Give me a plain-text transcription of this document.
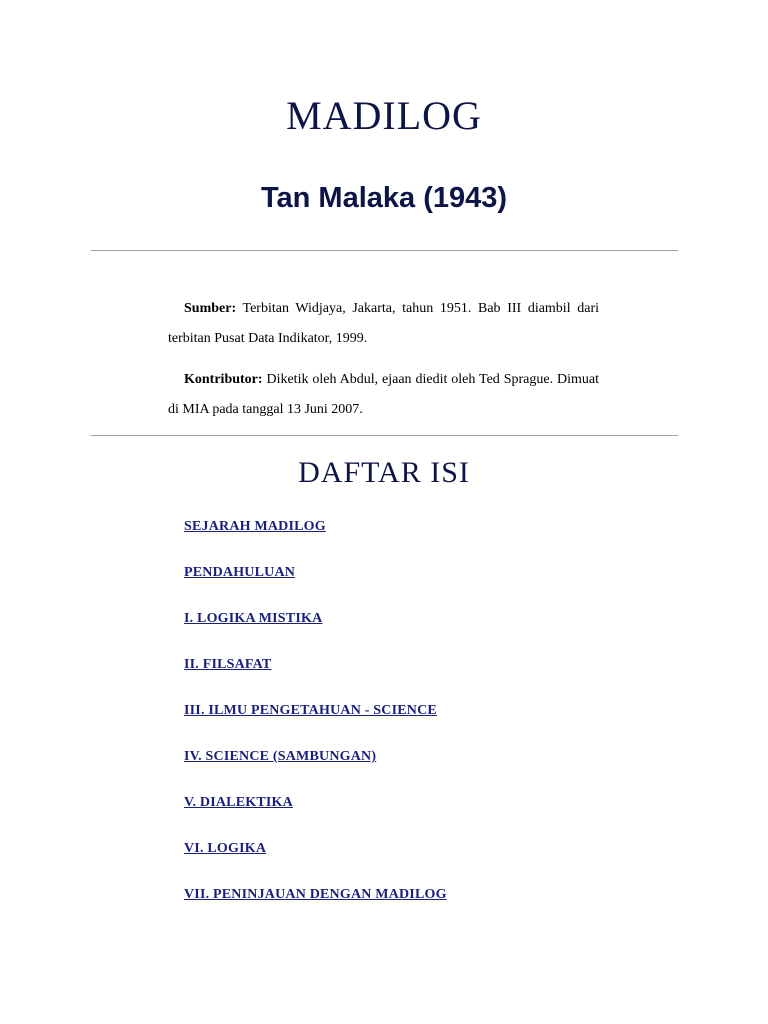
MADILOG
Tan Malaka (1943)

Sumber: Terbitan Widjaya, Jakarta, tahun 1951. Bab III diambil dari terbitan Pusat Data Indikator, 1999.

Kontributor: Diketik oleh Abdul, ejaan diedit oleh Ted Sprague. Dimuat di MIA pada tanggal 13 Juni 2007.

DAFTAR ISI
SEJARAH MADILOG
PENDAHULUAN
I. LOGIKA MISTIKA
II. FILSAFAT
III. ILMU PENGETAHUAN - SCIENCE
IV. SCIENCE (SAMBUNGAN)
V. DIALEKTIKA
VI. LOGIKA
VII. PENINJAUAN DENGAN MADILOG
